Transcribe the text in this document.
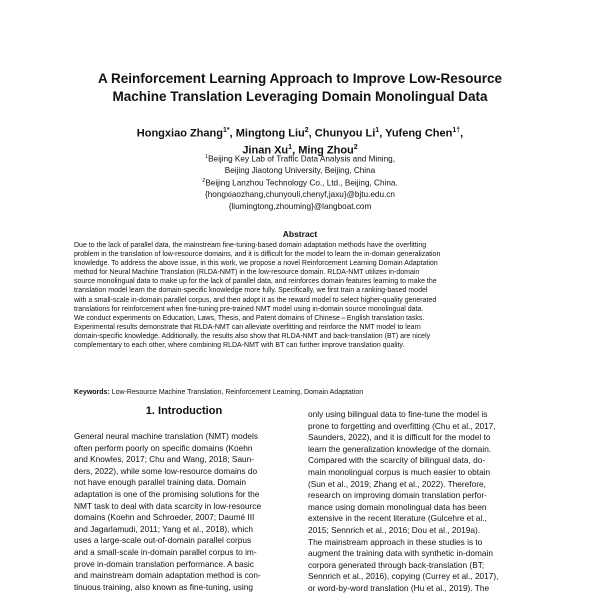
A Reinforcement Learning Approach to Improve Low-Resource
Machine Translation Leveraging Domain Monolingual Data
Hongxiao Zhang$^{1*}$, Mingtong Liu$^2$, Chunyou Li$^1$, Yufeng Chen$^{1\dagger}$,
Jinan Xu$^1$, Ming Zhou$^2$
$^1$Beijing Key Lab of Traffic Data Analysis and Mining,
Beijing Jiaotong University, Beijing, China
$^2$Beijing Lanzhou Technology Co., Ltd., Beijing, China.
{hongxiaozhang,chunyouli,chenyf,jaxu}@bjtu.edu.cn
{liumingtong,zhouming}@langboat.com
Abstract
Due to the lack of parallel data, the mainstream fine-tuning-based domain adaptation methods have the overfitting
problem in the translation of low-resource domains, and it is difficult for the model to learn the in-domain generalization
knowledge. To address the above issue, in this work, we propose a novel Reinforcement Learning Domain Adaptation
method for Neural Machine Translation (RLDA-NMT) in the low-resource domain. RLDA-NMT utilizes in-domain
source monolingual data to make up for the lack of parallel data, and reinforces domain features learning to make the
translation model learn the domain-specific knowledge more fully. Specifically, we first train a ranking-based model
with a small-scale in-domain parallel corpus, and then adopt it as the reward model to select higher-quality generated
translations for reinforcement when fine-tuning pre-trained NMT model using in-domain source monolingual data.
We conduct experiments on Education, Laws, Thesis, and Patent domains of Chinese⇔English translation tasks.
Experimental results demonstrate that RLDA-NMT can alleviate overfitting and reinforce the NMT model to learn
domain-specific knowledge. Additionally, the results also show that RLDA-NMT and back-translation (BT) are nicely
complementary to each other, where combining RLDA-NMT with BT can further improve translation quality.
Keywords: Low-Resource Machine Translation, Reinforcement Learning, Domain Adaptation
1. Introduction
General neural machine translation (NMT) models
often perform poorly on specific domains (Koehn
and Knowles, 2017; Chu and Wang, 2018; Saun-
ders, 2022), while some low-resource domains do
not have enough parallel training data. Domain
adaptation is one of the promising solutions for the
NMT task to deal with data scarcity in low-resource
domains (Koehn and Schroeder, 2007; Daumé III
and Jagarlamudi, 2011; Yang et al., 2018), which
uses a large-scale out-of-domain parallel corpus
and a small-scale in-domain parallel corpus to im-
prove in-domain translation performance. A basic
and mainstream domain adaptation method is con-
tinuous training, also known as fine-tuning, using
only using bilingual data to fine-tune the model is
prone to forgetting and overfitting (Chu et al., 2017,
Saunders, 2022), and it is difficult for the model to
learn the generalization knowledge of the domain.
Compared with the scarcity of bilingual data, do-
main monolingual corpus is much easier to obtain
(Sun et al., 2019; Zhang et al., 2022). Therefore,
research on improving domain translation perfor-
mance using domain monolingual data has been
extensive in the recent literature (Gulcehre et al.,
2015; Sennrich et al., 2016; Dou et al., 2019a).
The mainstream approach in these studies is to
augment the training data with synthetic in-domain
corpora generated through back-translation (BT;
Sennrich et al., 2016), copying (Currey et al., 2017),
or word-by-word translation (Hu et al., 2019). The
